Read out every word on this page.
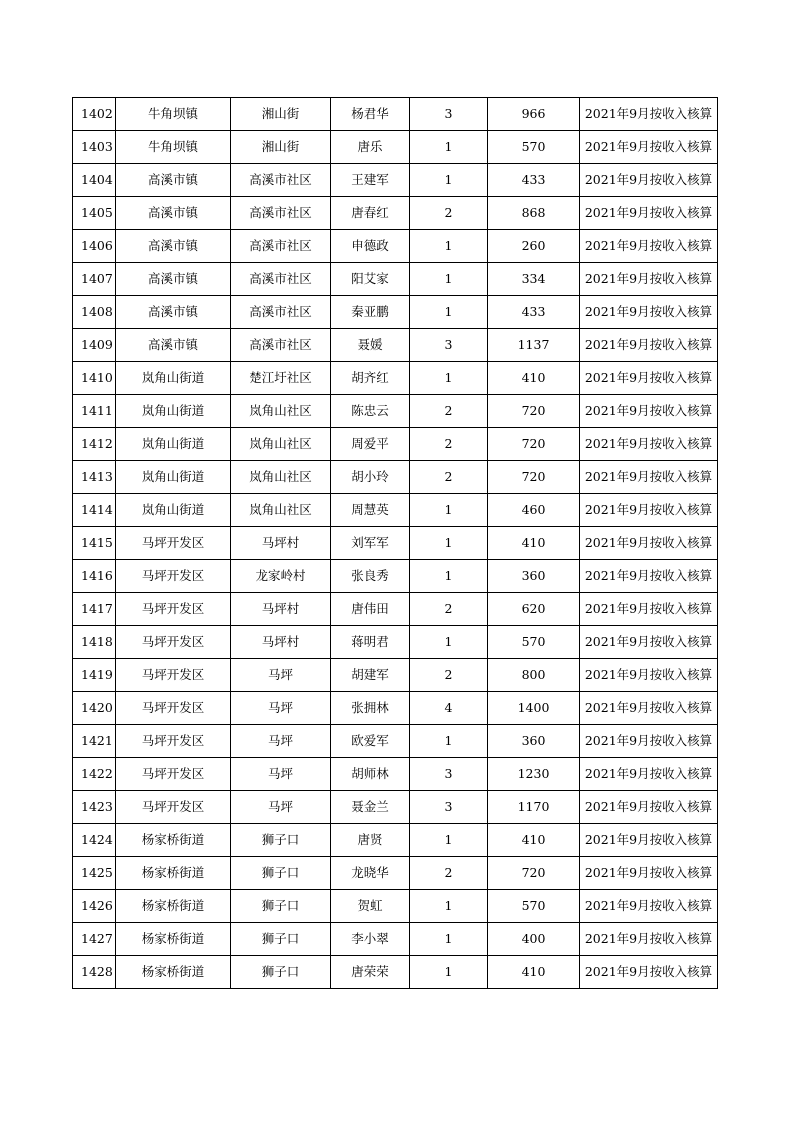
1402	牛角坝镇	湘山街	杨君华	3	966	2021年9月按收入核算
1403	牛角坝镇	湘山街	唐乐	1	570	2021年9月按收入核算
1404	高溪市镇	高溪市社区	王建军	1	433	2021年9月按收入核算
1405	高溪市镇	高溪市社区	唐春红	2	868	2021年9月按收入核算
1406	高溪市镇	高溪市社区	申德政	1	260	2021年9月按收入核算
1407	高溪市镇	高溪市社区	阳艾家	1	334	2021年9月按收入核算
1408	高溪市镇	高溪市社区	秦亚鹏	1	433	2021年9月按收入核算
1409	高溪市镇	高溪市社区	聂媛	3	1137	2021年9月按收入核算
1410	岚角山街道	楚江圩社区	胡齐红	1	410	2021年9月按收入核算
1411	岚角山街道	岚角山社区	陈忠云	2	720	2021年9月按收入核算
1412	岚角山街道	岚角山社区	周爱平	2	720	2021年9月按收入核算
1413	岚角山街道	岚角山社区	胡小玲	2	720	2021年9月按收入核算
1414	岚角山街道	岚角山社区	周慧英	1	460	2021年9月按收入核算
1415	马坪开发区	马坪村	刘军军	1	410	2021年9月按收入核算
1416	马坪开发区	龙家岭村	张良秀	1	360	2021年9月按收入核算
1417	马坪开发区	马坪村	唐伟田	2	620	2021年9月按收入核算
1418	马坪开发区	马坪村	蒋明君	1	570	2021年9月按收入核算
1419	马坪开发区	马坪	胡建军	2	800	2021年9月按收入核算
1420	马坪开发区	马坪	张拥林	4	1400	2021年9月按收入核算
1421	马坪开发区	马坪	欧爱军	1	360	2021年9月按收入核算
1422	马坪开发区	马坪	胡师林	3	1230	2021年9月按收入核算
1423	马坪开发区	马坪	聂金兰	3	1170	2021年9月按收入核算
1424	杨家桥街道	狮子口	唐贤	1	410	2021年9月按收入核算
1425	杨家桥街道	狮子口	龙晓华	2	720	2021年9月按收入核算
1426	杨家桥街道	狮子口	贺虹	1	570	2021年9月按收入核算
1427	杨家桥街道	狮子口	李小翠	1	400	2021年9月按收入核算
1428	杨家桥街道	狮子口	唐荣荣	1	410	2021年9月按收入核算
